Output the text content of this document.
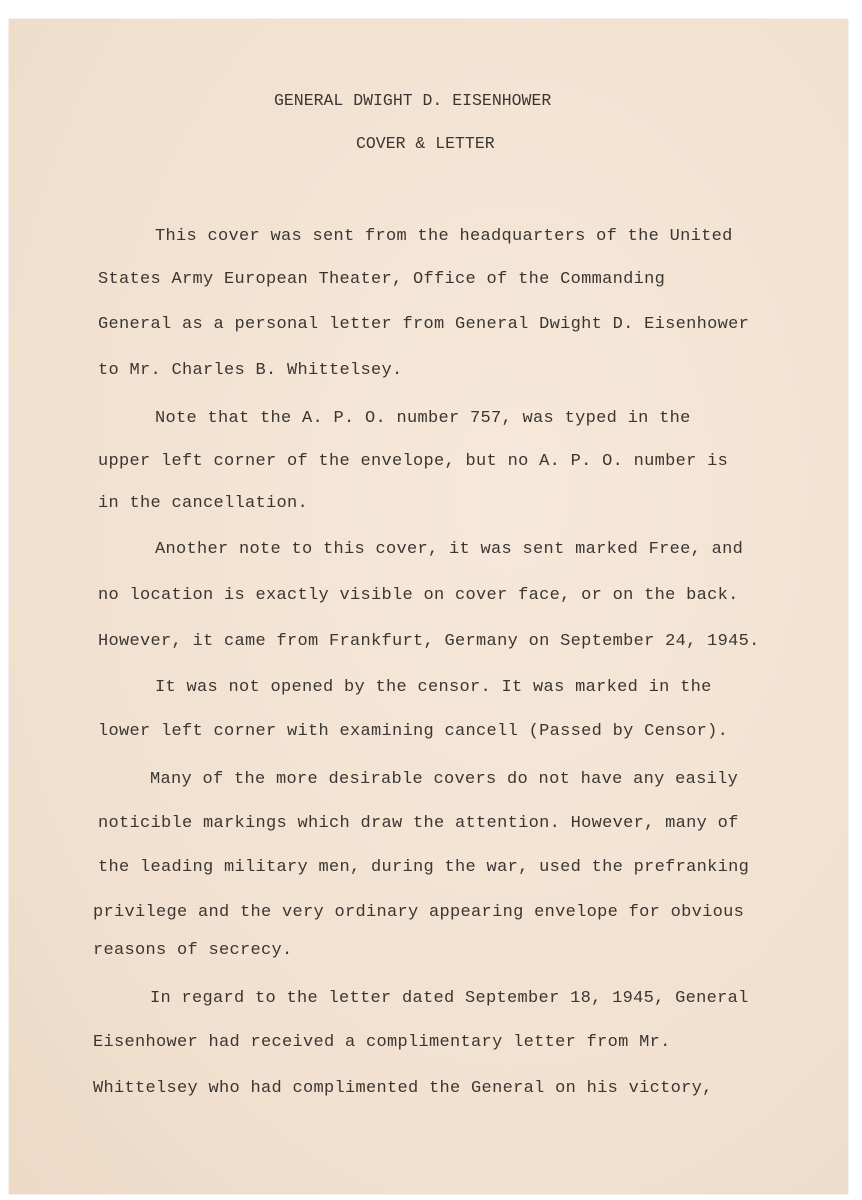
GENERAL DWIGHT D. EISENHOWER

COVER & LETTER

This cover was sent from the headquarters of the United

States Army European Theater, Office of the Commanding

General as a personal letter from General Dwight D. Eisenhower

to Mr. Charles B. Whittelsey.

Note that the A. P. O. number 757, was typed in the

upper left corner of the envelope, but no A. P. O. number is

in the cancellation.

Another note to this cover, it was sent marked Free, and

no location is exactly visible on cover face, or on the back.

However, it came from Frankfurt, Germany on September 24, 1945.

It was not opened by the censor. It was marked in the

lower left corner with examining cancell (Passed by Censor).

Many of the more desirable covers do not have any easily

noticible markings which draw the attention. However, many of

the leading military men, during the war, used the prefranking

privilege and the very ordinary appearing envelope for obvious

reasons of secrecy.

In regard to the letter dated September 18, 1945, General

Eisenhower had received a complimentary letter from Mr.

Whittelsey who had complimented the General on his victory,
